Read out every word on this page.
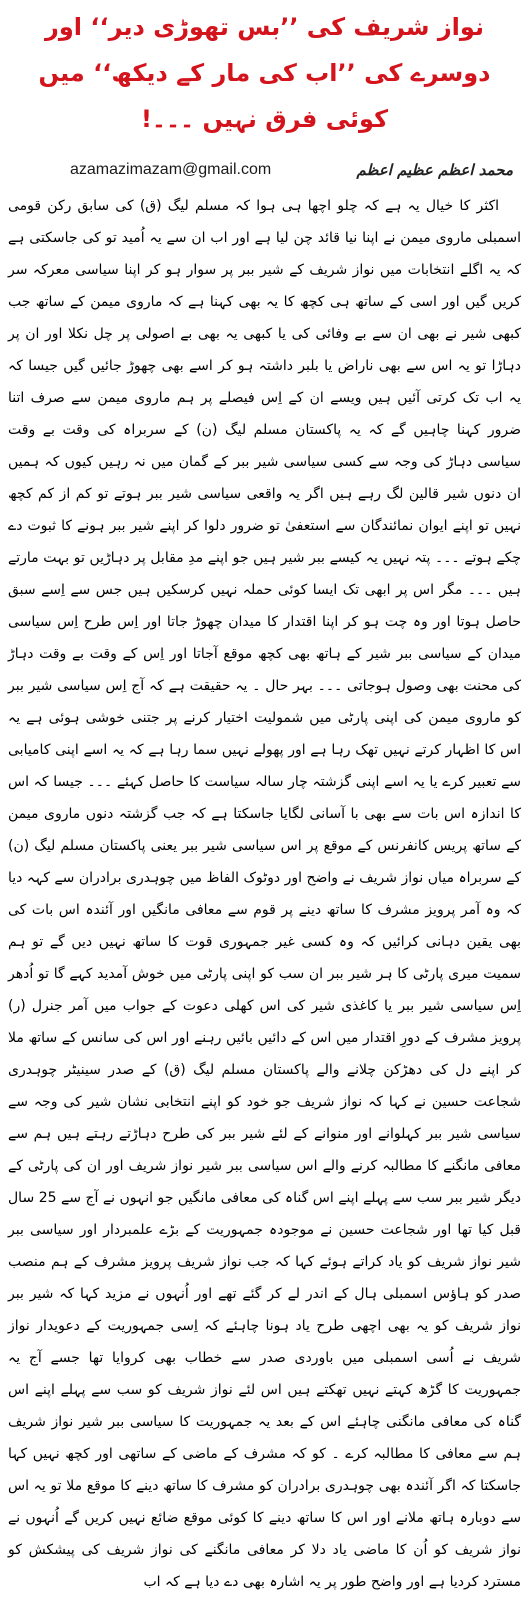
نواز شریف کی ’’بس تھوڑی دیر‘‘ اور دوسرے کی ’’اب کی مار کے دیکھ‘‘ میں کوئی فرق نہیں ۔۔۔!
azamazimazam@gmail.com	محمد اعظم عظیم اعظم

اکثر کا خیال یہ ہے کہ چلو اچھا ہی ہوا کہ مسلم لیگ (ق) کی سابق رکن قومی اسمبلی ماروی میمن نے اپنا نیا قائد چن لیا ہے اور اب ان سے یہ اُمید تو کی جاسکتی ہے کہ یہ اگلے انتخابات میں نواز شریف کے شیر ببر پر سوار ہو کر اپنا سیاسی معرکہ سر کریں گیں اور اسی کے ساتھ ہی کچھ کا یہ بھی کہنا ہے کہ ماروی میمن کے ساتھ جب کبھی شیر نے بھی ان سے بے وفائی کی یا کبھی یہ بھی بے اصولی پر چل نکلا اور ان پر دہاڑا تو یہ اس سے بھی ناراض یا بلبر داشتہ ہو کر اسے بھی چھوڑ جائیں گیں جیسا کہ یہ اب تک کرتی آئیں ہیں ویسے ان کے اِس فیصلے پر ہم ماروی میمن سے صرف اتنا ضرور کہنا چاہیں گے کہ یہ پاکستان مسلم لیگ (ن) کے سربراہ کی وقت بے وقت سیاسی دہاڑ کی وجہ سے کسی سیاسی شیر ببر کے گمان میں نہ رہیں کیوں کہ ہمیں ان دنوں شیر قالین لگ رہے ہیں اگر یہ واقعی سیاسی شیر ببر ہوتے تو کم از کم کچھ نہیں تو اپنے ایوان نمائندگان سے استعفیٰ تو ضرور دلوا کر اپنے شیر ببر ہونے کا ثبوت دے چکے ہوتے ۔۔۔ پتہ نہیں یہ کیسے ببر شیر ہیں جو اپنے مدِ مقابل پر دہاڑیں تو بہت مارتے ہیں ۔۔۔ مگر اس پر ابھی تک ایسا کوئی حملہ نہیں کرسکیں ہیں جس سے اِسے سبق حاصل ہوتا اور وہ چت ہو کر اپنا اقتدار کا میدان چھوڑ جاتا اور اِس طرح اِس سیاسی میدان کے سیاسی ببر شیر کے ہاتھ بھی کچھ موقع آجاتا اور اِس کے وقت بے وقت دہاڑ کی محنت بھی وصول ہوجاتی ۔۔۔ بہر حال ۔ یہ حقیقت ہے کہ آج اِس سیاسی شیر ببر کو ماروی میمن کی اپنی پارٹی میں شمولیت اختیار کرنے پر جتنی خوشی ہوئی ہے یہ اس کا اظہار کرتے نہیں تھک رہا ہے اور پھولے نہیں سما رہا ہے کہ یہ اسے اپنی کامیابی سے تعبیر کرے یا یہ اسے اپنی گزشتہ چار سالہ سیاست کا حاصل کہئے ۔۔۔ جیسا کہ اس کا اندازہ اس بات سے بھی با آسانی لگایا جاسکتا ہے کہ جب گزشتہ دنوں ماروی میمن کے ساتھ پریس کانفرنس کے موقع پر اس سیاسی شیر ببر یعنی پاکستان مسلم لیگ (ن) کے سربراہ میاں نواز شریف نے واضح اور دوٹوک الفاظ میں چوہدری برادران سے کہہ دیا کہ وہ آمر پرویز مشرف کا ساتھ دینے پر قوم سے معافی مانگیں اور آئندہ اس بات کی بھی یقین دہانی کرائیں کہ وہ کسی غیر جمہوری قوت کا ساتھ نہیں دیں گے تو ہم سمیت میری پارٹی کا ہر شیر ببر ان سب کو اپنی پارٹی میں خوش آمدید کہے گا تو اُدھر اِس سیاسی شیر ببر یا کاغذی شیر کی اس کھلی دعوت کے جواب میں آمر جنرل (ر) پرویز مشرف کے دورِ اقتدار میں اس کے دائیں بائیں رہنے اور اس کی سانس کے ساتھ ملا کر اپنے دل کی دھڑکن چلانے والے پاکستان مسلم لیگ (ق) کے صدر سینیٹر چوہدری شجاعت حسین نے کہا کہ نواز شریف جو خود کو اپنے انتخابی نشان شیر کی وجہ سے سیاسی شیر ببر کہلوانے اور منوانے کے لئے شیر ببر کی طرح دہاڑتے رہتے ہیں ہم سے معافی مانگنے کا مطالبہ کرنے والے اس سیاسی ببر شیر نواز شریف اور ان کی پارٹی کے دیگر شیر ببر سب سے پہلے اپنے اس گناہ کی معافی مانگیں جو انہوں نے آج سے 25 سال قبل کیا تھا اور شجاعت حسین نے موجودہ جمہوریت کے بڑے علمبردار اور سیاسی ببر شیر نواز شریف کو یاد کراتے ہوئے کہا کہ جب نواز شریف پرویز مشرف کے ہم منصب صدر کو ہاؤس اسمبلی ہال کے اندر لے کر گئے تھے اور اُنہوں نے مزید کہا کہ شیر ببر نواز شریف کو یہ بھی اچھی طرح یاد ہونا چاہئے کہ اِسی جمہوریت کے دعویدار نواز شریف نے اُسی اسمبلی میں باوردی صدر سے خطاب بھی کروایا تھا جسے آج یہ جمہوریت کا گڑھ کہتے نہیں تھکتے ہیں اس لئے نواز شریف کو سب سے پہلے اپنے اس گناہ کی معافی مانگنی چاہئے اس کے بعد یہ جمہوریت کا سیاسی ببر شیر نواز شریف ہم سے معافی کا مطالبہ کرے ۔ کو کہ مشرف کے ماضی کے ساتھی اور کچھ نہیں کہا جاسکتا کہ اگر آئندہ بھی چوہدری برادران کو مشرف کا ساتھ دینے کا موقع ملا تو یہ اس سے دوبارہ ہاتھ ملانے اور اس کا ساتھ دینے کا کوئی موقع ضائع نہیں کریں گے اُنہوں نے نواز شریف کو اُن کا ماضی یاد دلا کر معافی مانگنے کی نواز شریف کی پیشکش کو مسترد کردیا ہے اور واضح طور پر یہ اشارہ بھی دے دیا ہے کہ اب
